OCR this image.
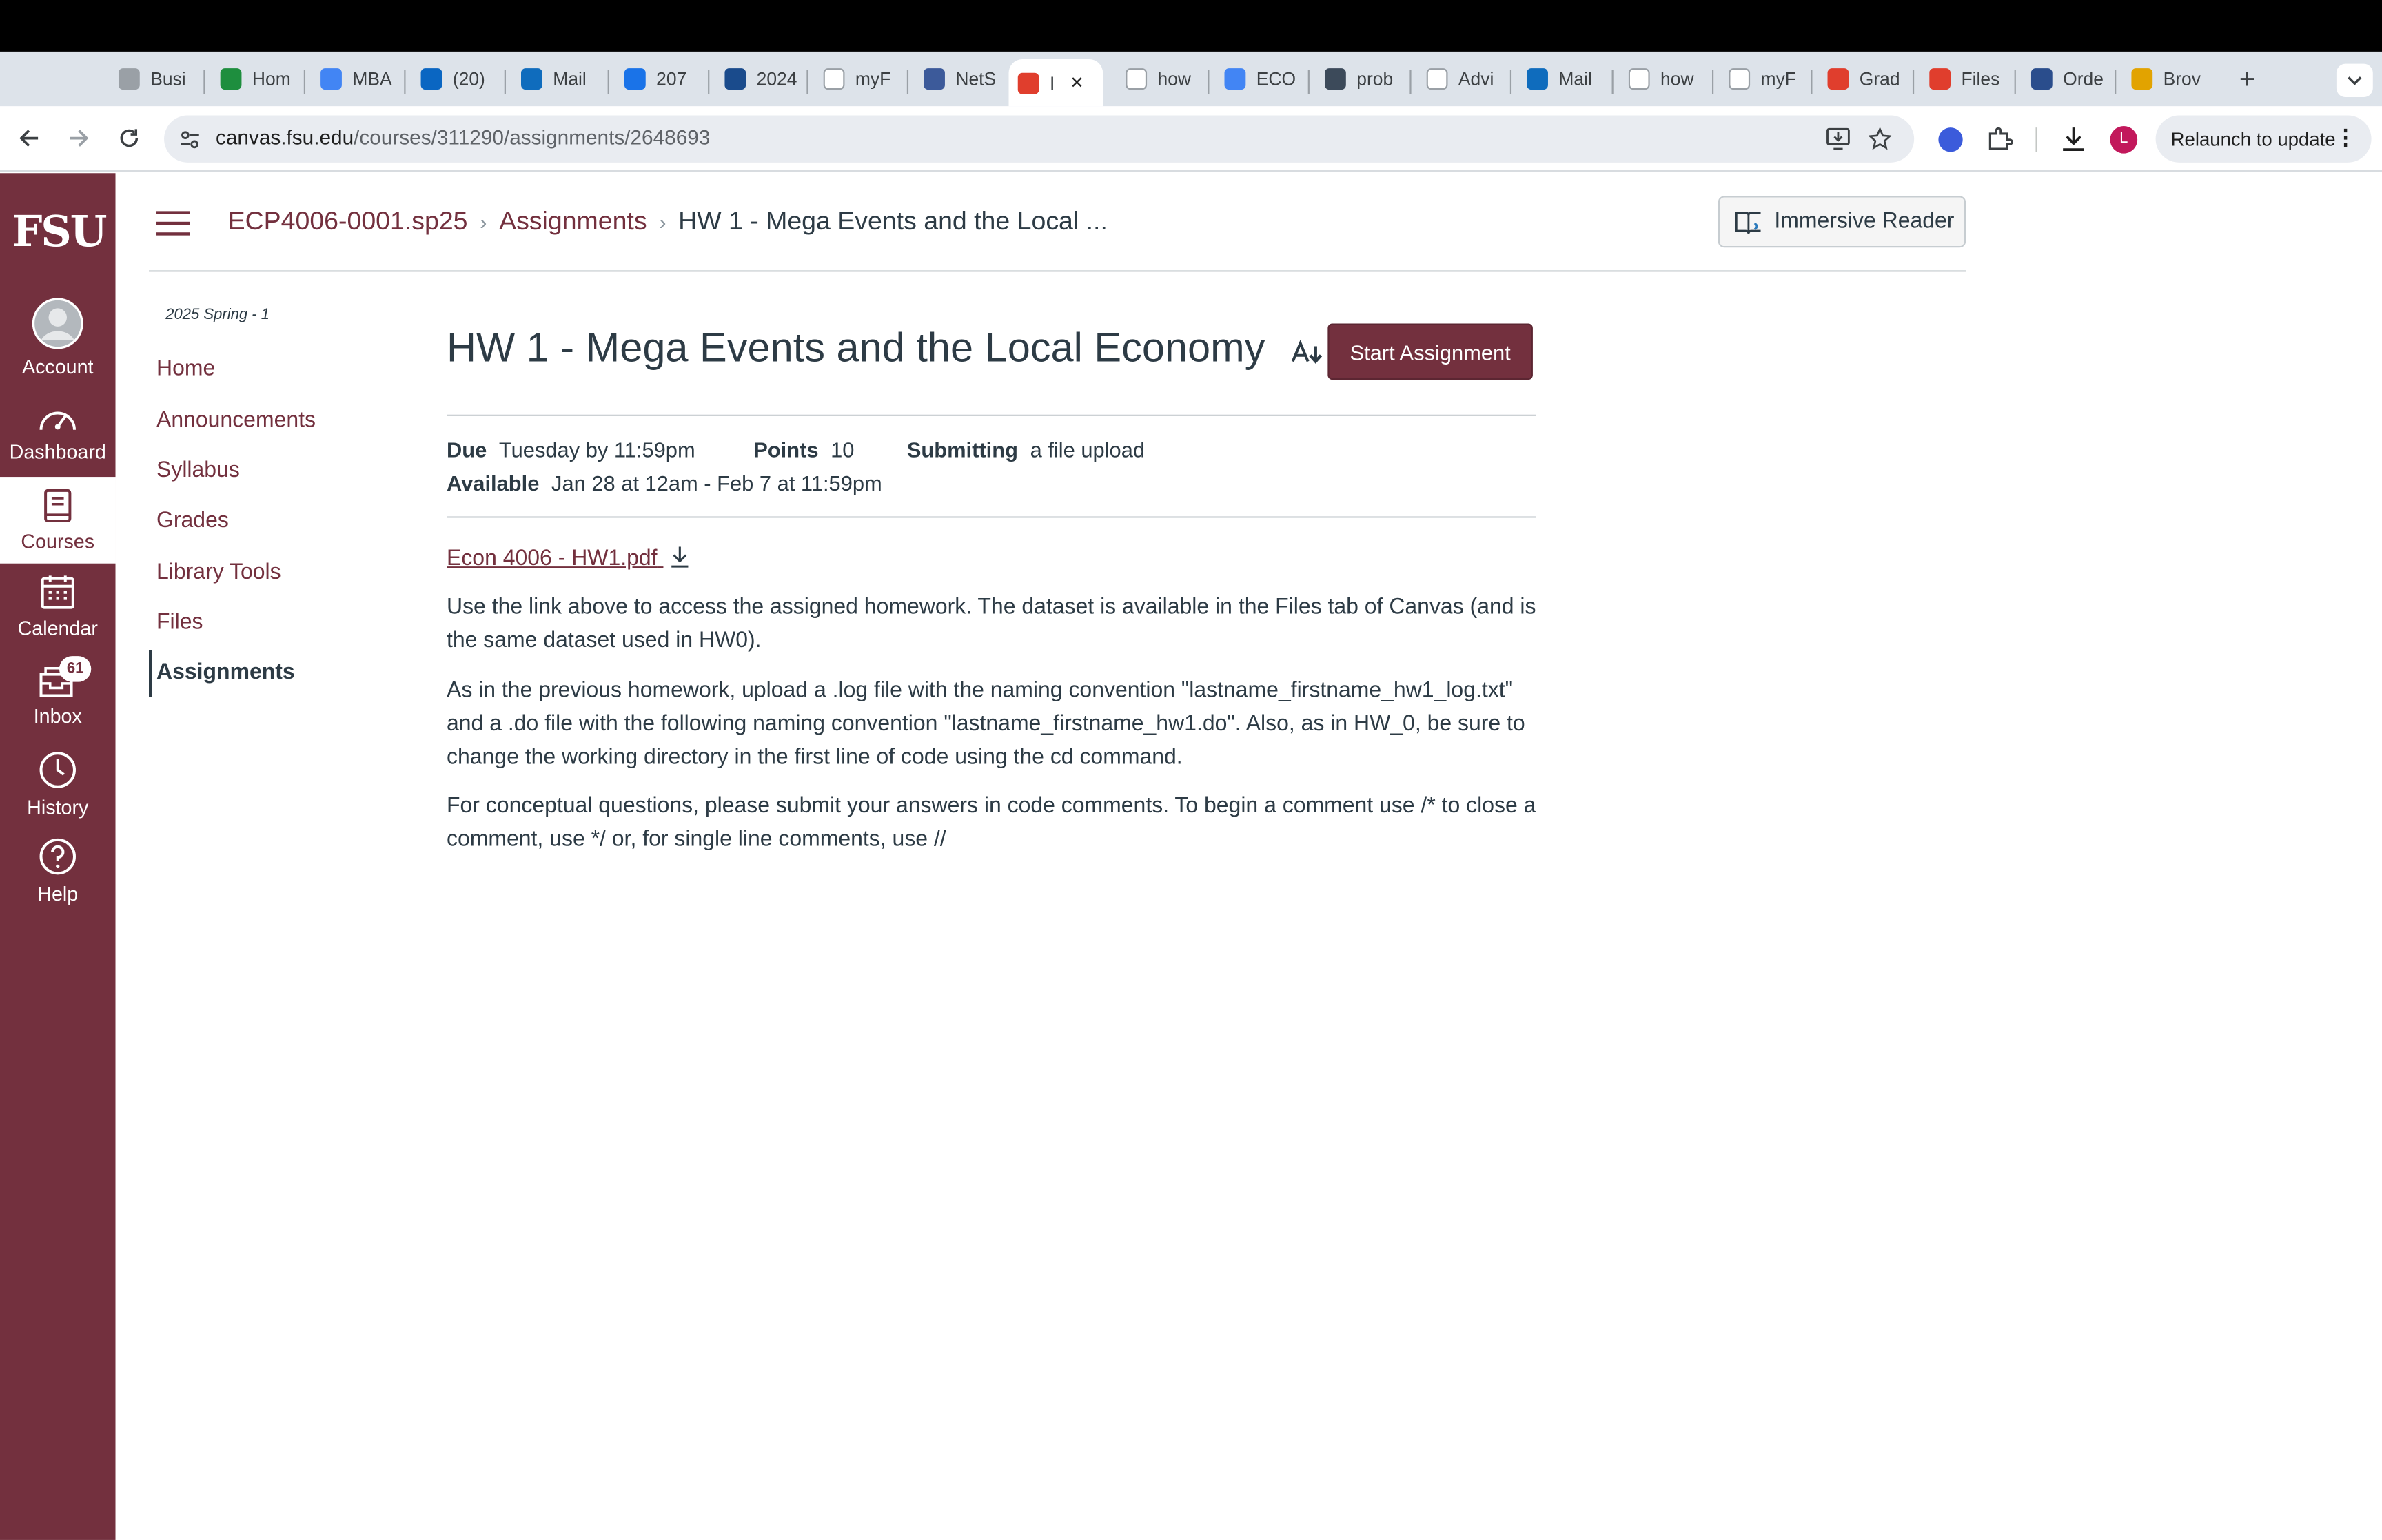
+
Busi	Hom	MBA	(20)	Mail	207	2024	myF	NetS	I ✕	how	ECO	prob	Advi	Mail	how	myF	Grad	Files	Orde	Brov
canvas.fsu.edu/courses/311290/assignments/2648693	L	Relaunch to update ⋮
FSU
Account
Dashboard
Courses
Calendar
Inbox
61
History
Help
ECP4006-0001.sp25 › Assignments › HW 1 - Mega Events and the Local ...	Immersive Reader
2025 Spring - 1
Home
Announcements
Syllabus
Grades
Library Tools
Files
Assignments
HW 1 - Mega Events and the Local Economy	Start Assignment
Due Tuesday by 11:59pm	Points 10	Submitting a file upload
Available Jan 28 at 12am - Feb 7 at 11:59pm
Econ 4006 - HW1.pdf

Use the link above to access the assigned homework. The dataset is available in the Files tab of Canvas (and is the same dataset used in HW0).

As in the previous homework, upload a .log file with the naming convention "lastname_firstname_hw1_log.txt" and a .do file with the following naming convention "lastname_firstname_hw1.do". Also, as in HW_0, be sure to change the working directory in the first line of code using the cd command.

For conceptual questions, please submit your answers in code comments. To begin a comment use /* to close a comment, use */ or, for single line comments, use //
